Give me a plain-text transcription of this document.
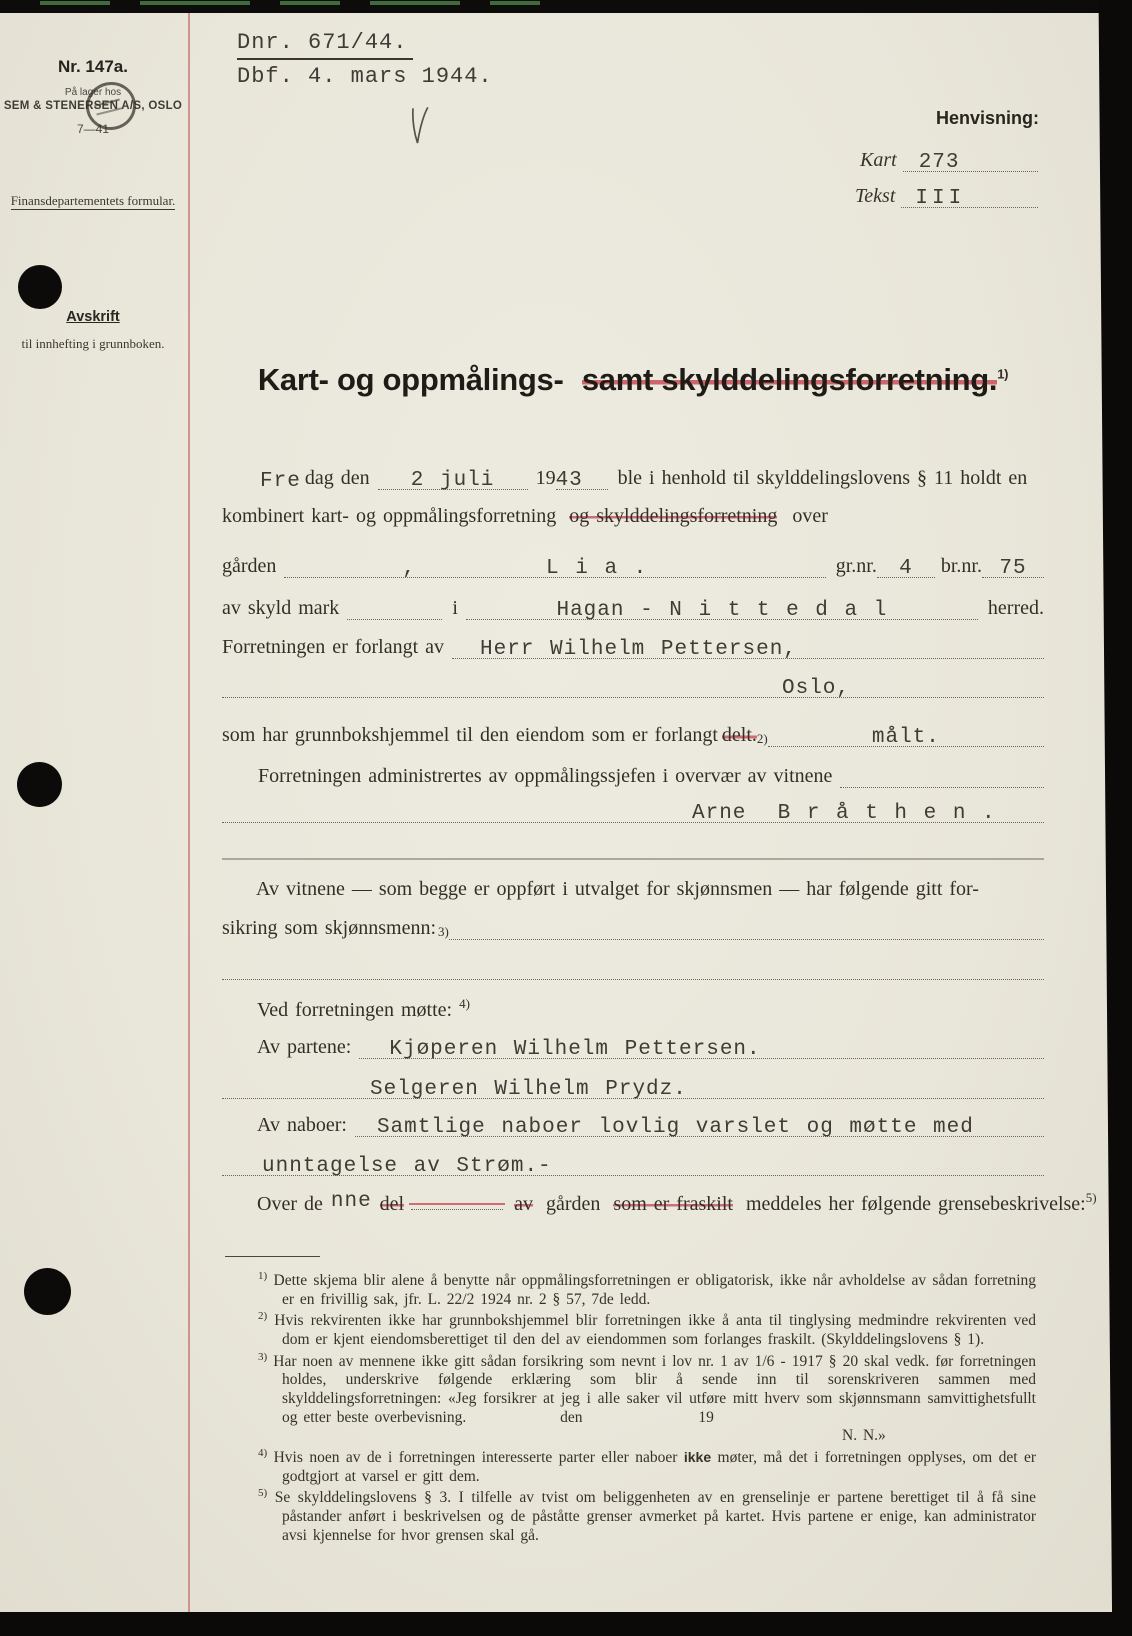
Nr. 147a.
På lager hos
SEM & STENERSEN A/S, OSLO
7—41
Finansdepartementets formular.
Avskrift
til innhefting i grunnboken.
Dnr. 671/44.
Dbf. 4. mars 1944.
Henvisning:
Kart 273
Tekst III
Kart- og oppmålings- samt skylddelingsforretning.$^{1)}$
Fre dag den	2 juli	19 43	ble i henhold til skylddelingslovens § 11 holdt en
kombinert kart- og oppmålingsforretning og skylddelingsforretning over
gården	,	L i a .	gr.nr. 4	br.nr. 75
av skyld mark	i	Hagan - N i t t e d a l	herred.
Forretningen er forlangt av	Herr Wilhelm Pettersen,
Oslo,
som har grunnbokshjemmel til den eiendom som er forlangt delt. 2)	målt.
Forretningen administrertes av oppmålingssjefen i overvær av vitnene
Arne  B r å t h e n .
Av vitnene — som begge er oppført i utvalget for skjønnsmen — har følgende gitt for-
sikring som skjønnsmenn: 3)
Ved forretningen møtte: $^{4)}$
Av partene:	Kjøperen Wilhelm Pettersen.
Selgeren Wilhelm Prydz.
Av naboer:	Samtlige naboer lovlig varslet og møtte med
unntagelse av Strøm.-
Over de nne del	av gården som er fraskilt meddeles her følgende grensebeskrivelse:$^{5)}$
$^{1)}$ Dette skjema blir alene å benytte når oppmålingsforretningen er obligatorisk, ikke når avholdelse av sådan forretning er en frivillig sak, jfr. L. 22/2 1924 nr. 2 § 57, 7de ledd.
$^{2)}$ Hvis rekvirenten ikke har grunnbokshjemmel blir forretningen ikke å anta til tinglysing medmindre rekvirenten ved dom er kjent eiendomsberettiget til den del av eiendommen som forlanges fraskilt. (Skylddelingslovens § 1).
$^{3)}$ Har noen av mennene ikke gitt sådan forsikring som nevnt i lov nr. 1 av 1/6 - 1917 § 20 skal vedk. før forretningen holdes, underskrive følgende erklæring som blir å sende inn til sorenskriveren sammen med skylddelingsforretningen: «Jeg forsikrer at jeg i alle saker vil utføre mitt hverv som skjønnsmann samvittighetsfullt og etter beste overbevisning.	den	19
N. N.»
$^{4)}$ Hvis noen av de i forretningen interesserte parter eller naboer ikke møter, må det i forretningen opplyses, om det er godtgjort at varsel er gitt dem.
$^{5)}$ Se skylddelingslovens § 3. I tilfelle av tvist om beliggenheten av en grenselinje er partene berettiget til å få sine påstander anført i beskrivelsen og de påståtte grenser avmerket på kartet. Hvis partene er enige, kan administrator avsi kjennelse for hvor grensen skal gå.
